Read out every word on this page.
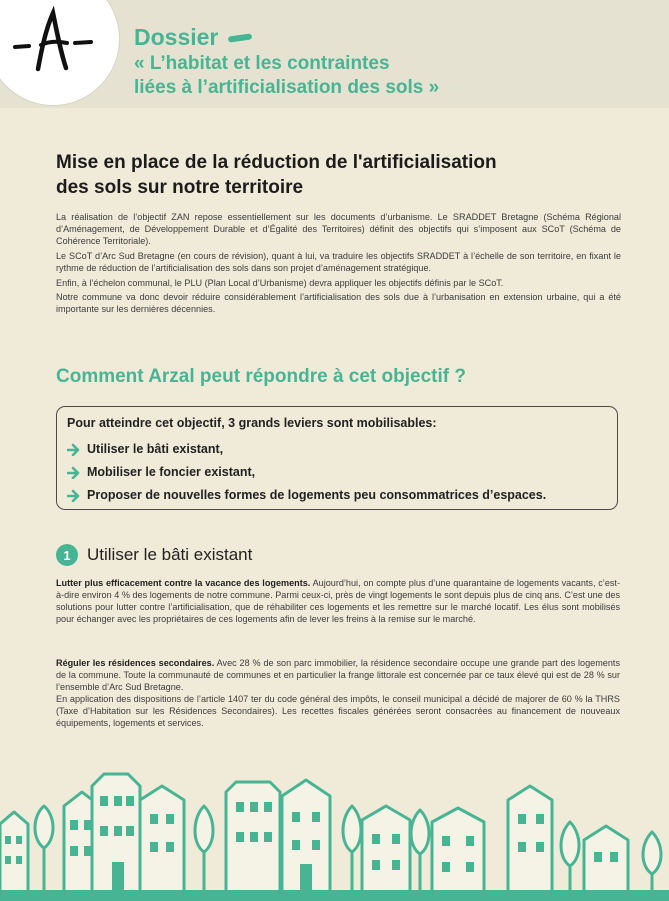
Dossier
« L’habitat et les contraintes
liées à l’artificialisation des sols »
Mise en place de la réduction de l'artificialisation
des sols sur notre territoire

La réalisation de l’objectif ZAN repose essentiellement sur les documents d’urbanisme. Le SRADDET Bretagne (Schéma Régional d’Aménagement, de Développement Durable et d’Égalité des Territoires) définit des objectifs qui s’imposent aux SCoT (Schéma de Cohérence Territoriale).

Le SCoT d’Arc Sud Bretagne (en cours de révision), quant à lui, va traduire les objectifs SRADDET à l’échelle de son territoire, en fixant le rythme de réduction de l’artificialisation des sols dans son projet d’aménagement stratégique.

Enfin, à l’échelon communal, le PLU (Plan Local d’Urbanisme) devra appliquer les objectifs définis par le SCoT.

Notre commune va donc devoir réduire considérablement l’artificialisation des sols due à l’urbanisation en extension urbaine, qui a été importante sur les dernières décennies.

Comment Arzal peut répondre à cet objectif ?
Pour atteindre cet objectif, 3 grands leviers sont mobilisables:
Utiliser le bâti existant,
Mobiliser le foncier existant,
Proposer de nouvelles formes de logements peu consommatrices d’espaces.
1 Utiliser le bâti existant
Lutter plus efficacement contre la vacance des logements. Aujourd’hui, on compte plus d’une quarantaine de logements vacants, c’est-à-dire environ 4 % des logements de notre commune. Parmi ceux-ci, près de vingt logements le sont depuis plus de cinq ans. C’est une des solutions pour lutter contre l’artificialisation, que de réhabiliter ces logements et les remettre sur le marché locatif. Les élus sont mobilisés pour échanger avec les propriétaires de ces logements afin de lever les freins à la remise sur le marché.
Réguler les résidences secondaires. Avec 28 % de son parc immobilier, la résidence secondaire occupe une grande part des logements de la commune. Toute la communauté de communes et en particulier la frange littorale est concernée par ce taux élevé qui est de 28 % sur l’ensemble d’Arc Sud Bretagne.
En application des dispositions de l’article 1407 ter du code général des impôts, le conseil municipal a décidé de majorer de 60 % la THRS (Taxe d’Habitation sur les Résidences Secondaires). Les recettes fiscales générées seront consacrées au financement de nouveaux équipements, logements et services.
